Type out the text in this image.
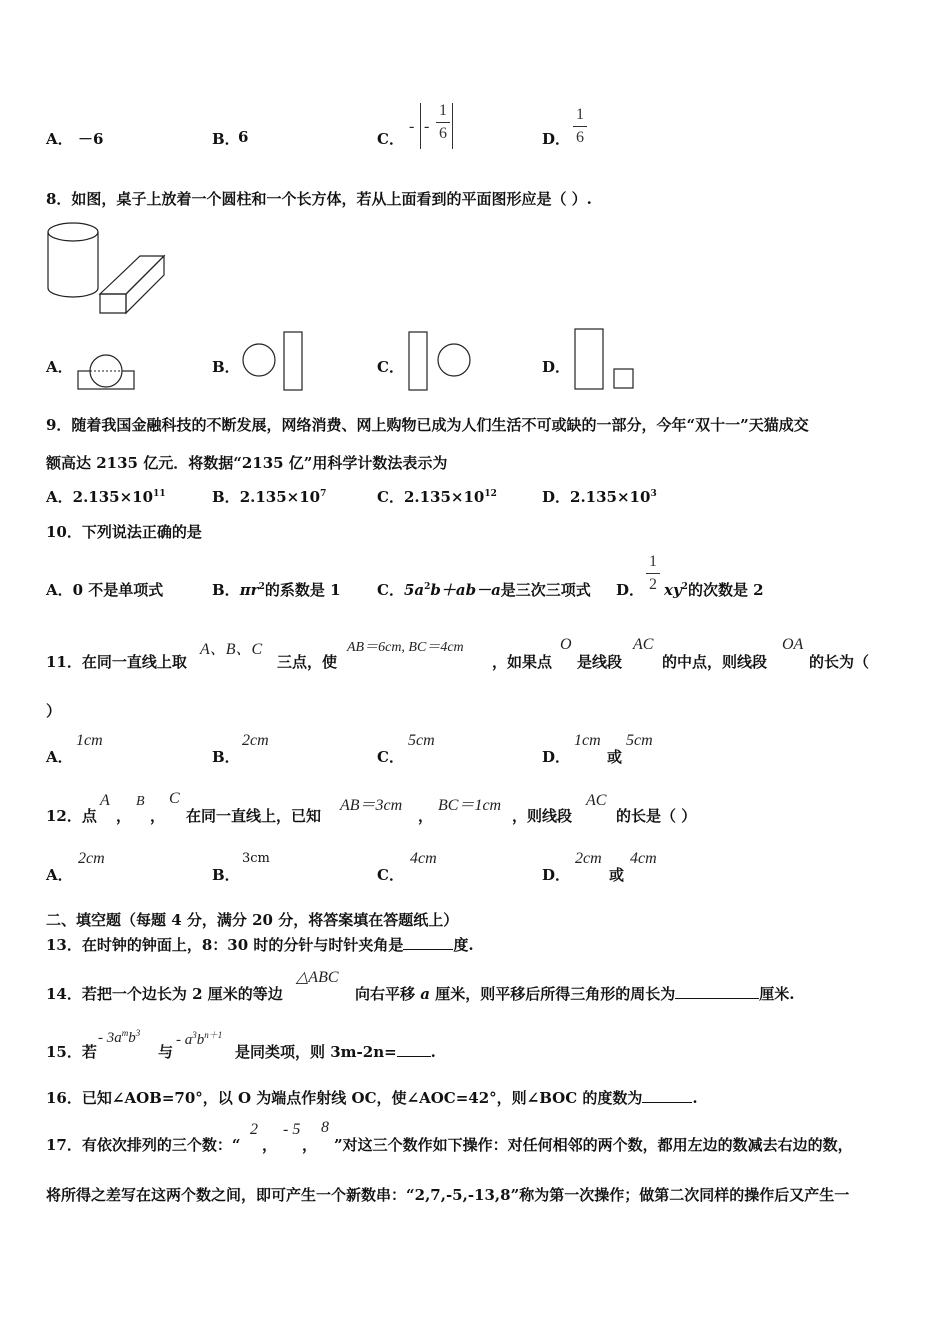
A． －6	B．
6	C．
- -
1
6	D．
1
6
8．如图，桌子上放着一个圆柱和一个长方体，若从上面看到的平面图形应是（ ）.
A．	B．	C．	D．
9．随着我国金融科技的不断发展，网络消费、网上购物已成为人们生活不可或缺的一部分，今年“双十一”天猫成交
额高达 2135 亿元．将数据“2135 亿”用科学计数法表示为
A．$2.135\times 10^{11}$	B．$2.135\times 10^7$	C．$2.135\times 10^{12}$	D．$2.135\times 10^3$
10．下列说法正确的是
A．0 不是单项式	B．$\pi r^2$的系数是 1 C．$5a^2b+ab-a$是三次三项式 D．
1
2 $xy^2$的次数是 2
11．在同一直线上取
A、B、C
三点，使
AB＝6cm, BC＝4cm
，如果点
O
是线段
AC
的中点，则线段
OA
的长为（
）
A．
1cm
B．
2cm
C．
5cm
D．
1cm
或
5cm
12．点
A
，
B
，
C
在同一直线上，已知
AB＝3cm
，
BC＝1cm
，则线段
AC
的长是（ ）
A．
2cm
B．
3cm
C．
4cm
D．
2cm
或
4cm
二、填空题（每题 4 分，满分 20 分，将答案填在答题纸上）
13．在时钟的钟面上，8：30 时的分针与时针夹角是	度.
14．若把一个边长为 2 厘米的等边
△ABC
向右平移 a 厘米，则平移后所得三角形的周长为	厘米.
15．若
- $3a^mb^3$
与
- $a^3b^{n+1}$
是同类项，则 3m-2n= .
16．已知∠AOB=70°，以 O 为端点作射线 OC，使∠AOC=42°，则∠BOC 的度数为	.
17．有依次排列的三个数：“
2
，
- 5
，
8
”对这三个数作如下操作：对任何相邻的两个数，都用左边的数减去右边的数，
将所得之差写在这两个数之间，即可产生一个新数串：“2,7,-5,-13,8”称为第一次操作；做第二次同样的操作后又产生一
